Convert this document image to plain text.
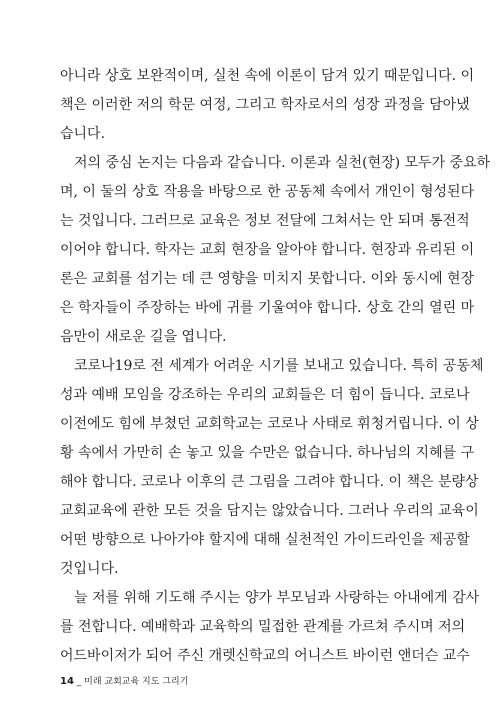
아니라 상호 보완적이며, 실천 속에 이론이 담겨 있기 때문입니다. 이
책은 이러한 저의 학문 여정, 그리고 학자로서의 성장 과정을 담아냈
습니다.
저의 중심 논지는 다음과 같습니다. 이론과 실천(현장) 모두가 중요하
며, 이 둘의 상호 작용을 바탕으로 한 공동체 속에서 개인이 형성된다
는 것입니다. 그러므로 교육은 정보 전달에 그쳐서는 안 되며 통전적
이어야 합니다. 학자는 교회 현장을 알아야 합니다. 현장과 유리된 이
론은 교회를 섬기는 데 큰 영향을 미치지 못합니다. 이와 동시에 현장
은 학자들이 주장하는 바에 귀를 기울여야 합니다. 상호 간의 열린 마
음만이 새로운 길을 엽니다.
코로나19로 전 세계가 어려운 시기를 보내고 있습니다. 특히 공동체
성과 예배 모임을 강조하는 우리의 교회들은 더 힘이 듭니다. 코로나
이전에도 힘에 부쳤던 교회학교는 코로나 사태로 휘청거립니다. 이 상
황 속에서 가만히 손 놓고 있을 수만은 없습니다. 하나님의 지혜를 구
해야 합니다. 코로나 이후의 큰 그림을 그려야 합니다. 이 책은 분량상
교회교육에 관한 모든 것을 담지는 않았습니다. 그러나 우리의 교육이
어떤 방향으로 나아가야 할지에 대해 실천적인 가이드라인을 제공할
것입니다.
늘 저를 위해 기도해 주시는 양가 부모님과 사랑하는 아내에게 감사
를 전합니다. 예배학과 교육학의 밀접한 관계를 가르쳐 주시며 저의
어드바이저가 되어 주신 개렛신학교의 어니스트 바이런 앤더슨 교수
14 _ 미래 교회교육 지도 그리기
